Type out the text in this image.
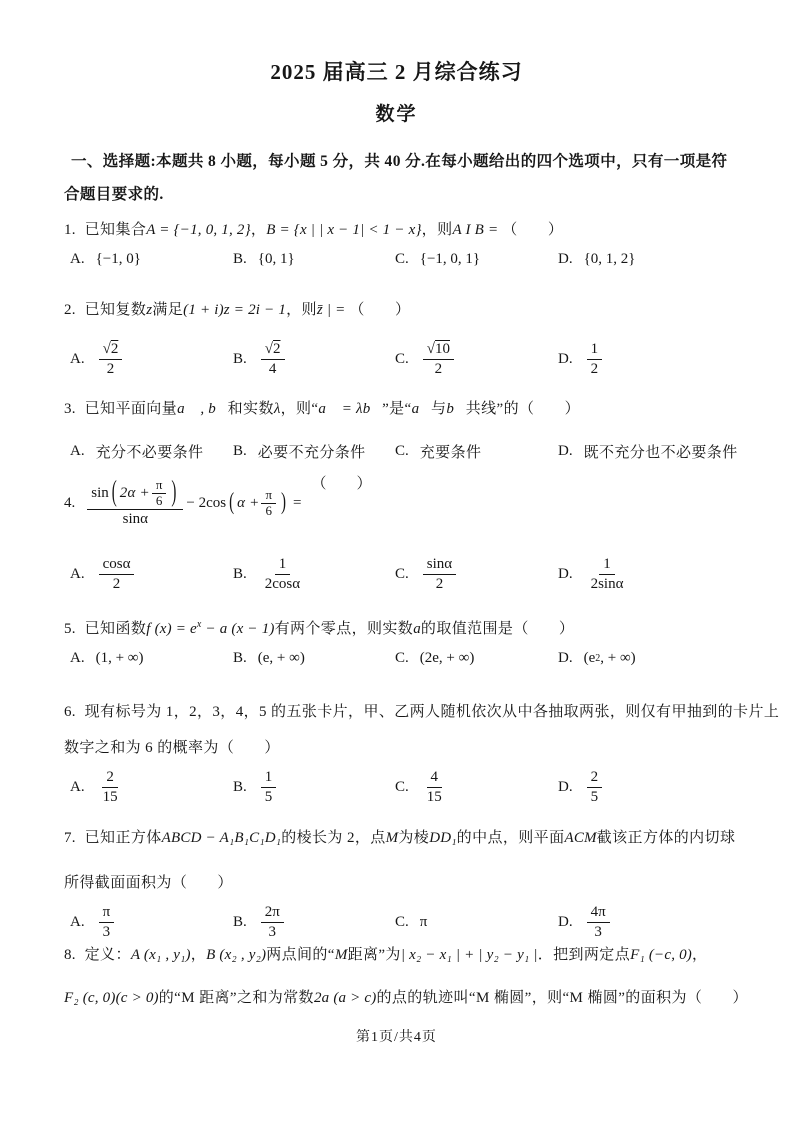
2025 届高三 2 月综合练习
数学
一、选择题:本题共 8 小题，每小题 5 分，共 40 分.在每小题给出的四个选项中，只有一项是符
合题目要求的.
1. 已知集合A = {−1, 0, 1, 2}，B = {x | | x − 1| < 1 − x}，则A I B = （　　）
A. {−1, 0}	B. {0, 1}	C. {−1, 0, 1}	D. {0, 1, 2}
2. 已知复数z满足(1 + i)z = 2i − 1，则z̄ | = （　　）
A. $\frac{√ 2}{2}$	B. $\frac{√ 2}{4}$	C. $\frac{√ 10}{2}$	D. $\frac{1}{2}$
3. 已知平面向量a⃗ , b⃗和实数λ，则“a⃗ = λb⃗”是“a⃗与b⃗共线”的（　　）
A. 充分不必要条件 B. 必要不充分条件 C. 充要条件	D. 既不充分也不必要条件
4. $\frac{\sin ( 2\alpha + \frac{\pi}{6} )}{\sin\alpha} - 2\cos$ ( $\alpha + \frac{\pi}{6}$ ) =
（　　）
A. $\frac{\cos\alpha}{2}$	B. $\frac{1}{2\cos\alpha}$	C. $\frac{\sin\alpha}{2}$	D. $\frac{1}{2\sin\alpha}$
5. 已知函数f $(x) = e^x - a$ (x − 1)有两个零点，则实数a的取值范围是（　　）
A. (1, + ∞)	B. (e, + ∞)	C. (2e, + ∞)	D. (e 2 , + ∞)
6. 现有标号为 1，2，3，4，5 的五张卡片，甲、乙两人随机依次从中各抽取两张，则仅有甲抽到的卡片上
数字之和为 6 的概率为（　　）
A. $\frac{2}{15}$	B. $\frac{1}{5}$	C. $\frac{4}{15}$	D. $\frac{2}{5}$
7. 已知正方体ABCD − A₁B₁C₁D₁的棱长为 2，点M为棱DD₁的中点，则平面ACM截该正方体的内切球
所得截面面积为（　　）
A. $\frac{\pi}{3}$	B. $\frac{2\pi}{3}$	C. π	D. $\frac{4\pi}{3}$
8. 定义：A (x₁ , y₁)，B (x₂ , y₂)两点间的“M距离”为| x₂ − x₁ | + | y₂ − y₁ |．把到两定点F₁ (−c, 0)，
F₂ (c, 0)(c > 0)的“M 距离”之和为常数2a (a > c)的点的轨迹叫“M 椭圆”，则“M 椭圆”的面积为（　　）
第1页/共4页
